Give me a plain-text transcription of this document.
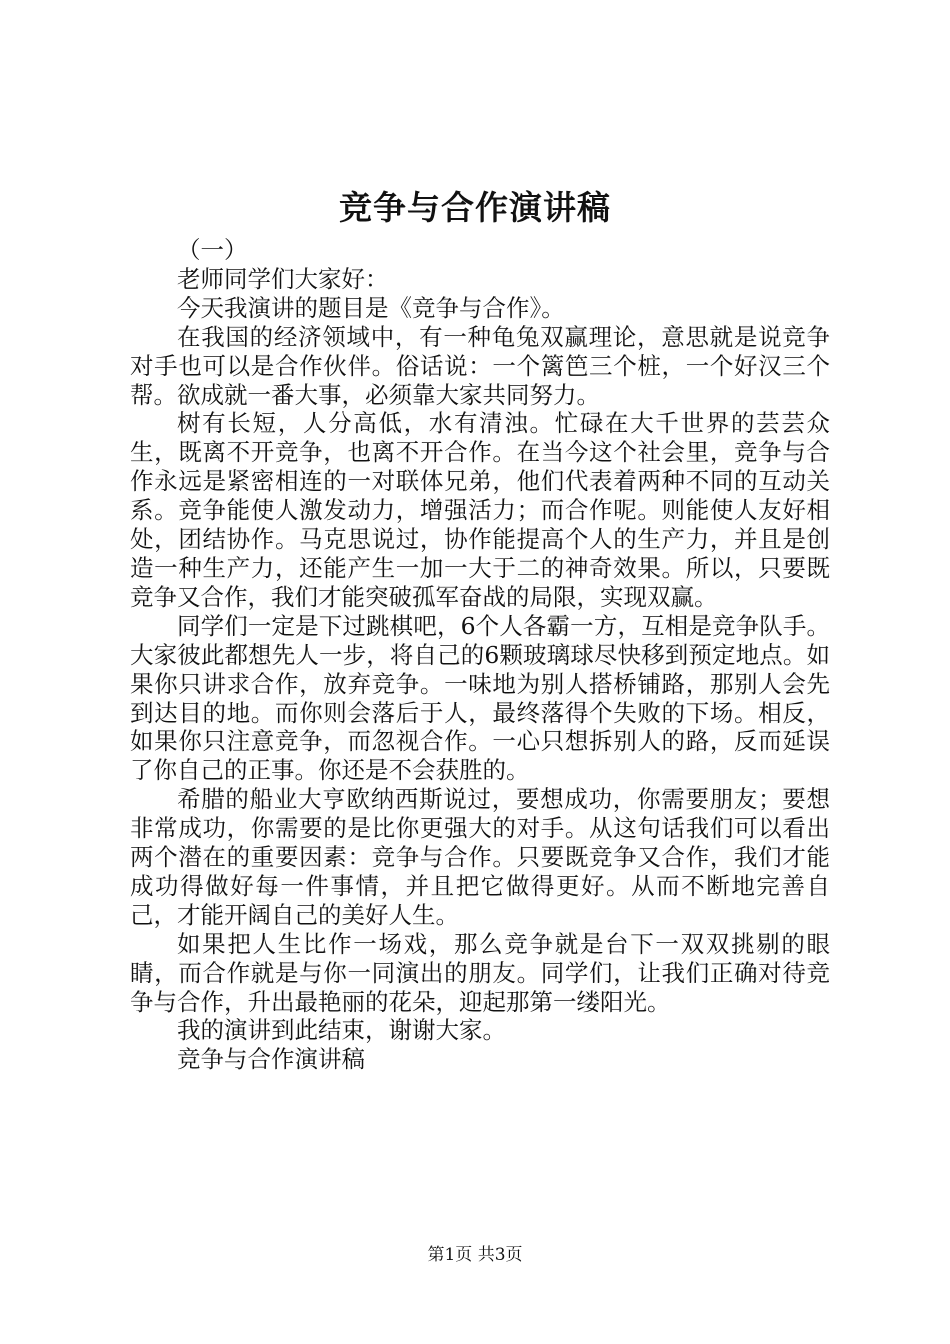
竞争与合作演讲稿

（一）

老师同学们大家好：

今天我演讲的题目是《竞争与合作》。

在我国的经济领域中，有一种龟兔双赢理论，意思就是说竞争对手也可以是合作伙伴。俗话说：一个篱笆三个桩，一个好汉三个帮。欲成就一番大事，必须靠大家共同努力。

树有长短，人分高低，水有清浊。忙碌在大千世界的芸芸众生，既离不开竞争，也离不开合作。在当今这个社会里，竞争与合作永远是紧密相连的一对联体兄弟，他们代表着两种不同的互动关系。竞争能使人激发动力，增强活力；而合作呢。则能使人友好相处，团结协作。马克思说过，协作能提高个人的生产力，并且是创造一种生产力，还能产生一加一大于二的神奇效果。所以，只要既竞争又合作，我们才能突破孤军奋战的局限，实现双赢。

同学们一定是下过跳棋吧，6个人各霸一方，互相是竞争队手。大家彼此都想先人一步，将自己的6颗玻璃球尽快移到预定地点。如果你只讲求合作，放弃竞争。一味地为别人搭桥铺路，那别人会先到达目的地。而你则会落后于人，最终落得个失败的下场。相反，如果你只注意竞争，而忽视合作。一心只想拆别人的路，反而延误了你自己的正事。你还是不会获胜的。

希腊的船业大亨欧纳西斯说过，要想成功，你需要朋友；要想非常成功，你需要的是比你更强大的对手。从这句话我们可以看出两个潜在的重要因素：竞争与合作。只要既竞争又合作，我们才能成功得做好每一件事情，并且把它做得更好。从而不断地完善自己，才能开阔自己的美好人生。

如果把人生比作一场戏，那么竞争就是台下一双双挑剔的眼睛，而合作就是与你一同演出的朋友。同学们，让我们正确对待竞争与合作，升出最艳丽的花朵，迎起那第一缕阳光。

我的演讲到此结束，谢谢大家。

竞争与合作演讲稿

第1页 共3页
